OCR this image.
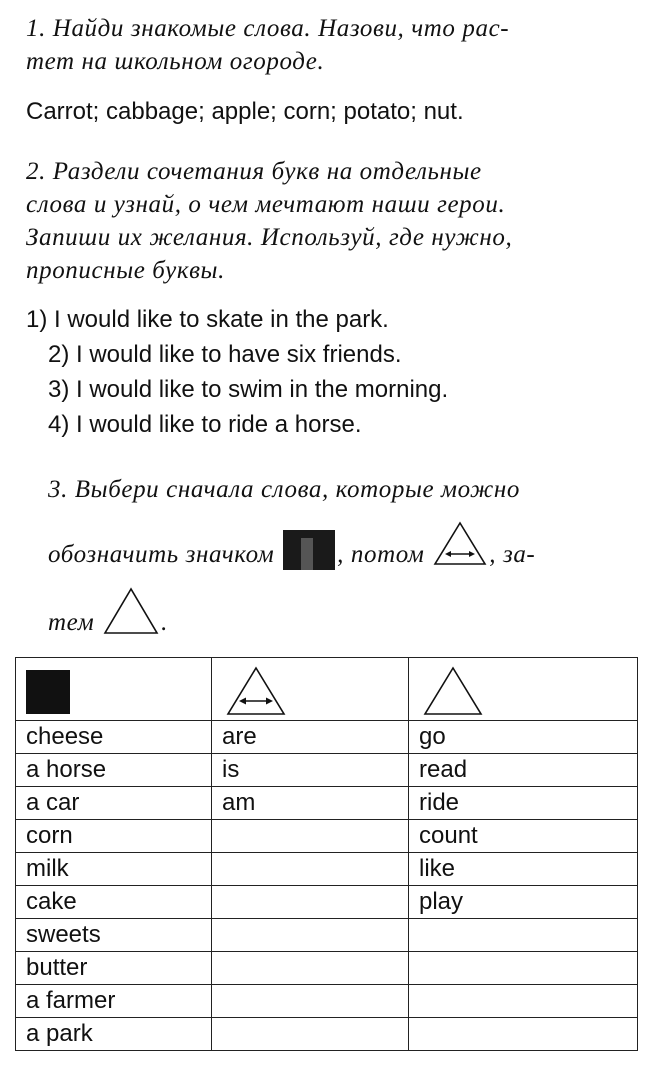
1. Найди знакомые слова. Назови, что рас-
тет на школьном огороде.

Carrot; cabbage; apple; corn; potato; nut.

2. Раздели сочетания букв на отдельные
слова и узнай, о чем мечтают наши герои.
Запиши их желания. Используй, где нужно,
прописные буквы.

1) I would like to skate in the park.

2) I would like to have six friends.

3) I would like to swim in the morning.

4) I would like to ride a horse.

3. Выбери сначала слова, которые можно

обозначить значком , потом , за-

тем .

cheese	are	go
a horse	is	read
a car	am	ride
corn		count
milk		like
cake		play
sweets		
butter		
a farmer		
a park		
